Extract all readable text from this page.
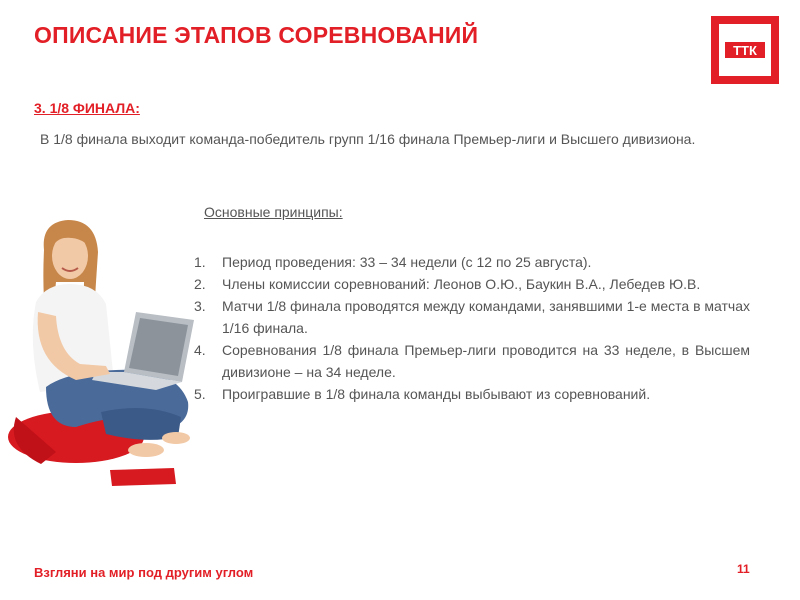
ОПИСАНИЕ ЭТАПОВ СОРЕВНОВАНИЙ
ТТК
3. 1/8 ФИНАЛА:
В 1/8 финала выходит команда-победитель групп 1/16 финала Премьер-лиги и Высшего дивизиона.
Основные принципы:
1.	Период проведения: 33 – 34 недели (с 12 по 25 августа).
2.	Члены комиссии соревнований: Леонов О.Ю., Баукин В.А., Лебедев Ю.В.
3.	Матчи 1/8 финала проводятся между командами, занявшими 1-е места в матчах 1/16 финала.
4.	Соревнования 1/8 финала Премьер-лиги проводится на 33 неделе, в Высшем дивизионе – на 34 неделе.
5.	Проигравшие в 1/8 финала команды выбывают из соревнований.
Взгляни на мир под другим углом	11
